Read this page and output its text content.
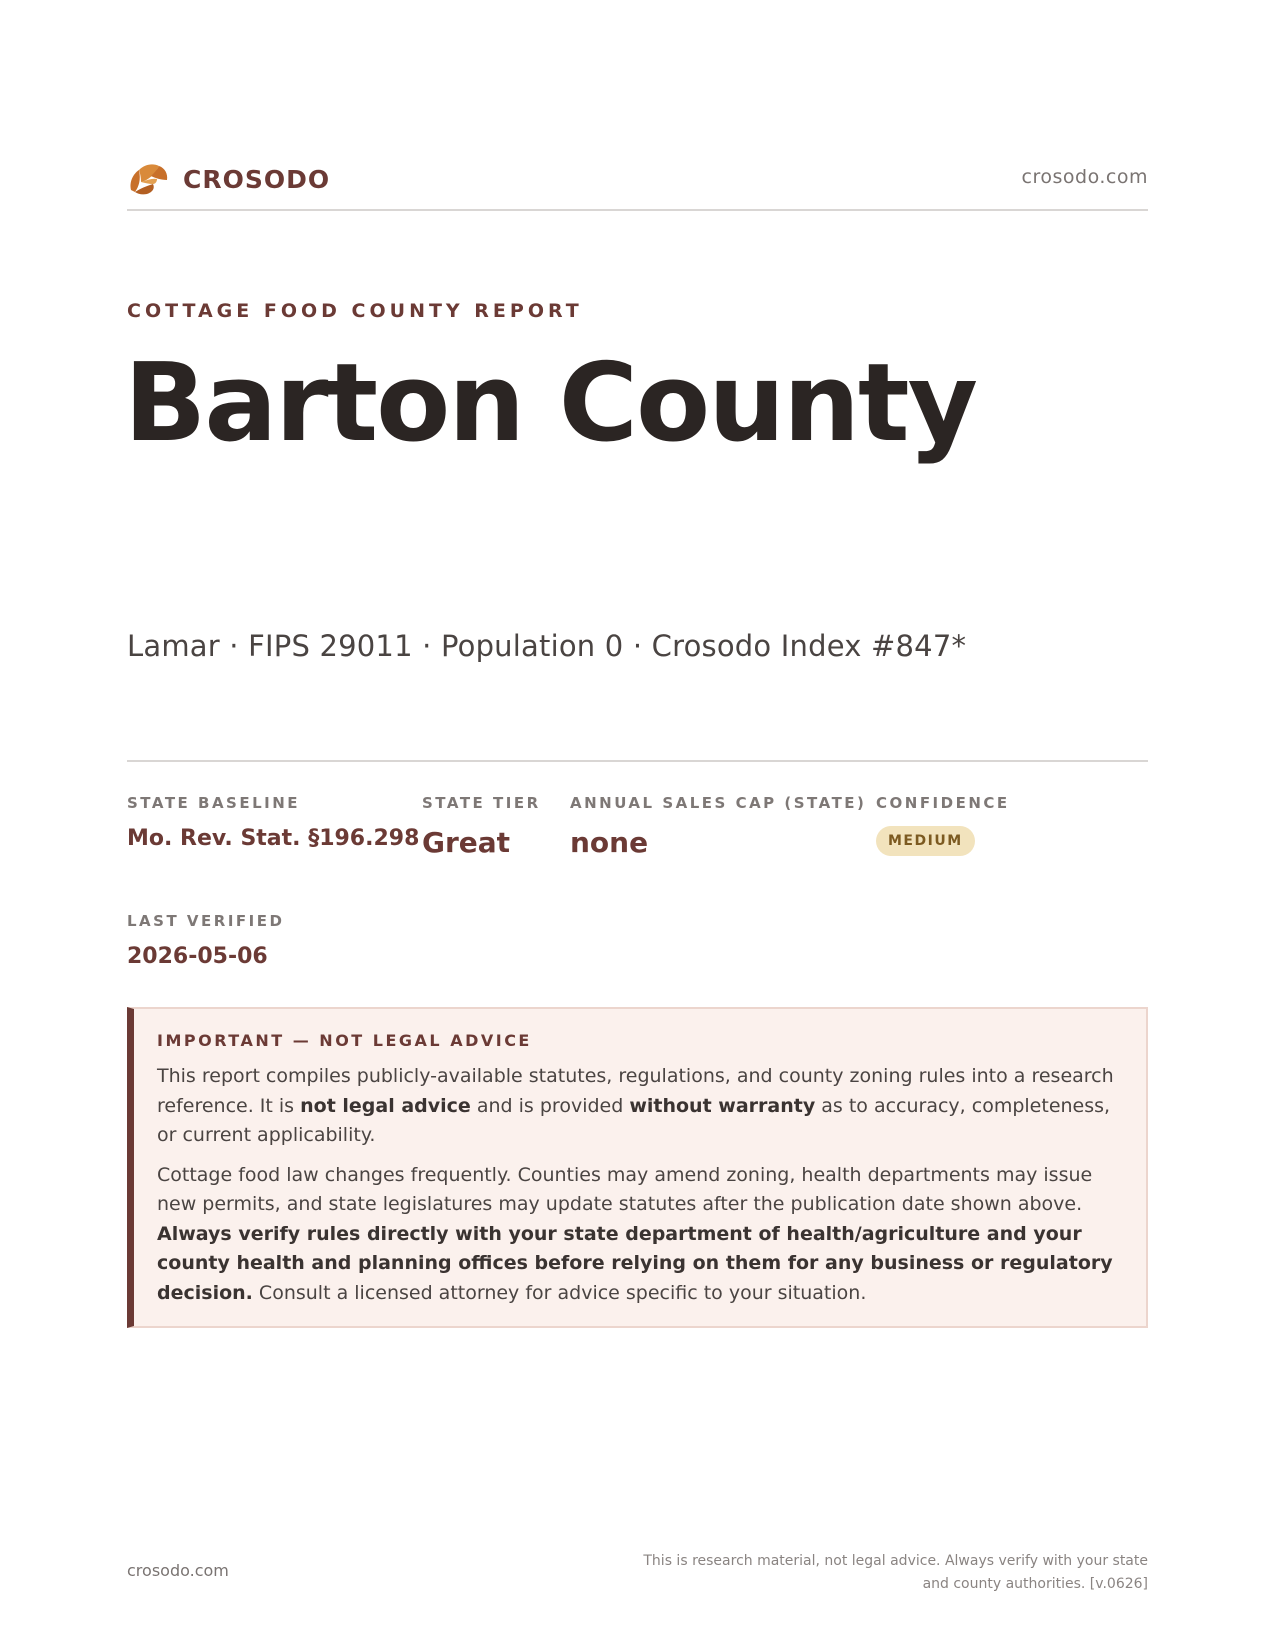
CROSODO	crosodo.com
COTTAGE FOOD COUNTY REPORT
Barton County
Lamar · FIPS 29011 · Population 0 · Crosodo Index #847*
STATE BASELINE
Mo. Rev. Stat. §196.298
STATE TIER
Great
ANNUAL SALES CAP (STATE)
none
CONFIDENCE
MEDIUM
LAST VERIFIED
2026-05-06
IMPORTANT — NOT LEGAL ADVICE

This report compiles publicly-available statutes, regulations, and county zoning rules into a research reference. It is not legal advice and is provided without warranty as to accuracy, completeness, or current applicability.

Cottage food law changes frequently. Counties may amend zoning, health departments may issue new permits, and state legislatures may update statutes after the publication date shown above. Always verify rules directly with your state department of health/agriculture and your county health and planning offices before relying on them for any business or regulatory decision. Consult a licensed attorney for advice specific to your situation.

crosodo.com	This is research material, not legal advice. Always verify with your state
and county authorities. [v.0626]
